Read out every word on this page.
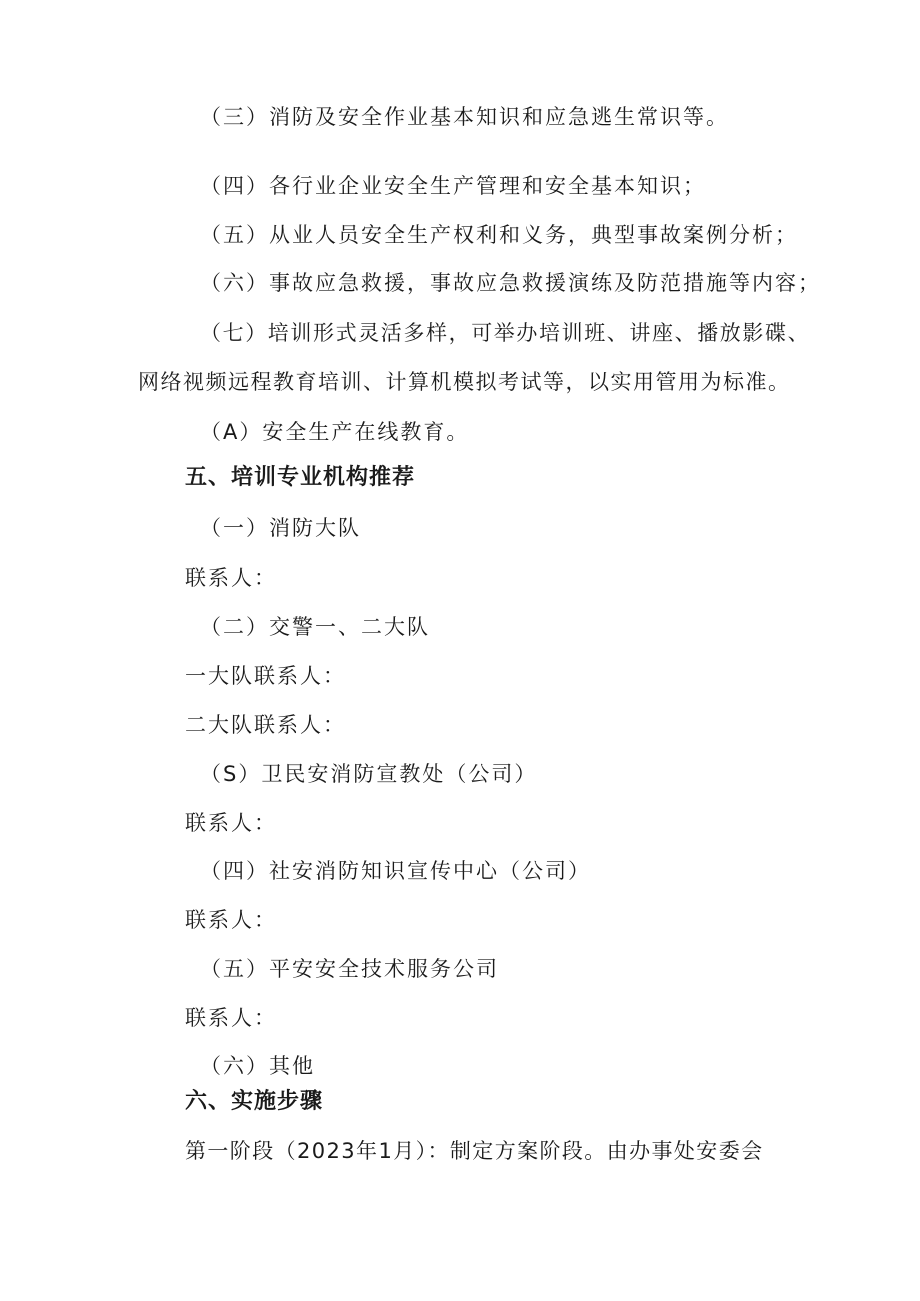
（三）消防及安全作业基本知识和应急逃生常识等。
（四）各行业企业安全生产管理和安全基本知识；
（五）从业人员安全生产权利和义务，典型事故案例分析；
（六）事故应急救援，事故应急救援演练及防范措施等内容；
（七）培训形式灵活多样，可举办培训班、讲座、播放影碟、
网络视频远程教育培训、计算机模拟考试等，以实用管用为标准。
（A）安全生产在线教育。
五、培训专业机构推荐
（一）消防大队
联系人：
（二）交警一、二大队
一大队联系人：
二大队联系人：
（S）卫民安消防宣教处（公司）
联系人：
（四）社安消防知识宣传中心（公司）
联系人：
（五）平安安全技术服务公司
联系人：
（六）其他
六、实施步骤
第一阶段（2023年1月）：制定方案阶段。由办事处安委会
